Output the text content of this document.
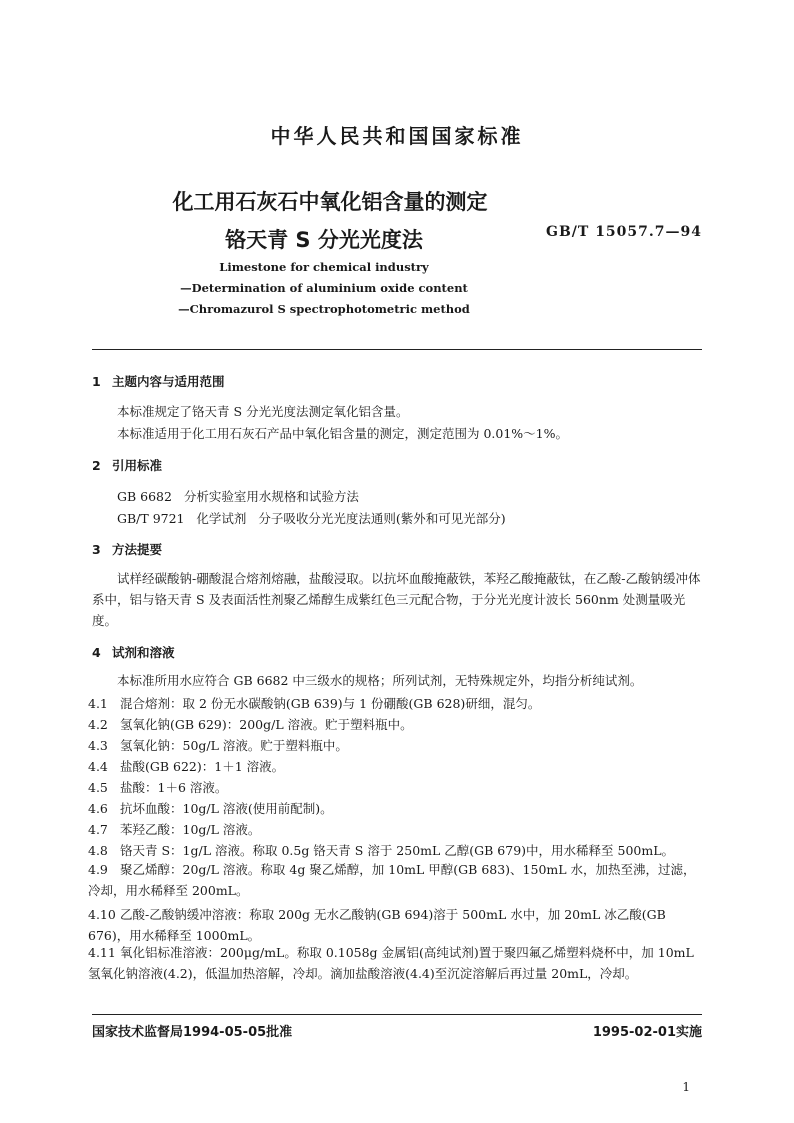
中华人民共和国国家标准
化工用石灰石中氧化铝含量的测定
铬天青 S 分光光度法	GB/T 15057.7—94
Limestone for chemical industry
—Determination of aluminium oxide content
—Chromazurol S spectrophotometric method
1 主题内容与适用范围
本标准规定了铬天青 S 分光光度法测定氧化铝含量。
本标准适用于化工用石灰石产品中氧化铝含量的测定，测定范围为 0.01%～1%。
2 引用标准
GB 6682   分析实验室用水规格和试验方法
GB/T 9721   化学试剂   分子吸收分光光度法通则(紫外和可见光部分)
3 方法提要
试样经碳酸钠-硼酸混合熔剂熔融，盐酸浸取。以抗坏血酸掩蔽铁，苯羟乙酸掩蔽钛，在乙酸-乙酸钠缓冲体系中，铝与铬天青 S 及表面活性剂聚乙烯醇生成紫红色三元配合物，于分光光度计波长 560nm 处测量吸光度。
4 试剂和溶液
本标准所用水应符合 GB 6682 中三级水的规格；所列试剂，无特殊规定外，均指分析纯试剂。
4.1 混合熔剂：取 2 份无水碳酸钠(GB 639)与 1 份硼酸(GB 628)研细，混匀。
4.2 氢氧化钠(GB 629)：200g/L 溶液。贮于塑料瓶中。
4.3 氢氧化钠：50g/L 溶液。贮于塑料瓶中。
4.4 盐酸(GB 622)：1＋1 溶液。
4.5 盐酸：1＋6 溶液。
4.6 抗坏血酸：10g/L 溶液(使用前配制)。
4.7 苯羟乙酸：10g/L 溶液。
4.8 铬天青 S：1g/L 溶液。称取 0.5g 铬天青 S 溶于 250mL 乙醇(GB 679)中，用水稀释至 500mL。
4.9 聚乙烯醇：20g/L 溶液。称取 4g 聚乙烯醇，加 10mL 甲醇(GB 683)、150mL 水，加热至沸，过滤，冷却，用水稀释至 200mL。
4.10 乙酸-乙酸钠缓冲溶液：称取 200g 无水乙酸钠(GB 694)溶于 500mL 水中，加 20mL 冰乙酸(GB 676)，用水稀释至 1000mL。
4.11 氧化铝标准溶液：200μg/mL。称取 0.1058g 金属铝(高纯试剂)置于聚四氟乙烯塑料烧杯中，加 10mL 氢氧化钠溶液(4.2)，低温加热溶解，冷却。滴加盐酸溶液(4.4)至沉淀溶解后再过量 20mL，冷却。
国家技术监督局1994-05-05批准	1995-02-01实施
1
